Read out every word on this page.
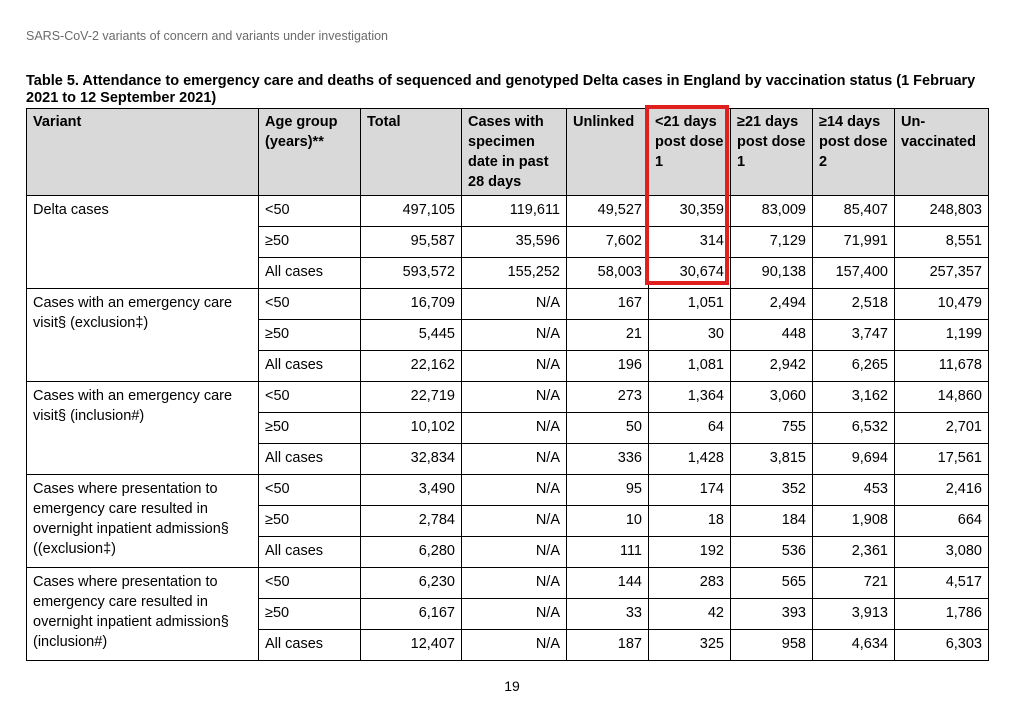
SARS-CoV-2 variants of concern and variants under investigation
Table 5. Attendance to emergency care and deaths of sequenced and genotyped Delta cases in England by vaccination status (1 February 2021 to 12 September 2021)
Variant	Age group (years)**	Total	Cases with specimen date in past 28 days	Unlinked	<21 days post dose 1	≥21 days post dose 1	≥14 days post dose 2	Un-vaccinated
Delta cases	<50	497,105	119,611	49,527	30,359	83,009	85,407	248,803
	≥50	95,587	35,596	7,602	314	7,129	71,991	8,551
	All cases	593,572	155,252	58,003	30,674	90,138	157,400	257,357
Cases with an emergency care visit§ (exclusion‡)	<50	16,709	N/A	167	1,051	2,494	2,518	10,479
	≥50	5,445	N/A	21	30	448	3,747	1,199
	All cases	22,162	N/A	196	1,081	2,942	6,265	11,678
Cases with an emergency care visit§ (inclusion#)	<50	22,719	N/A	273	1,364	3,060	3,162	14,860
	≥50	10,102	N/A	50	64	755	6,532	2,701
	All cases	32,834	N/A	336	1,428	3,815	9,694	17,561
Cases where presentation to emergency care resulted in overnight inpatient admission§ ((exclusion‡)	<50	3,490	N/A	95	174	352	453	2,416
	≥50	2,784	N/A	10	18	184	1,908	664
	All cases	6,280	N/A	111	192	536	2,361	3,080
Cases where presentation to emergency care resulted in overnight inpatient admission§ (inclusion#)	<50	6,230	N/A	144	283	565	721	4,517
	≥50	6,167	N/A	33	42	393	3,913	1,786
	All cases	12,407	N/A	187	325	958	4,634	6,303
19
